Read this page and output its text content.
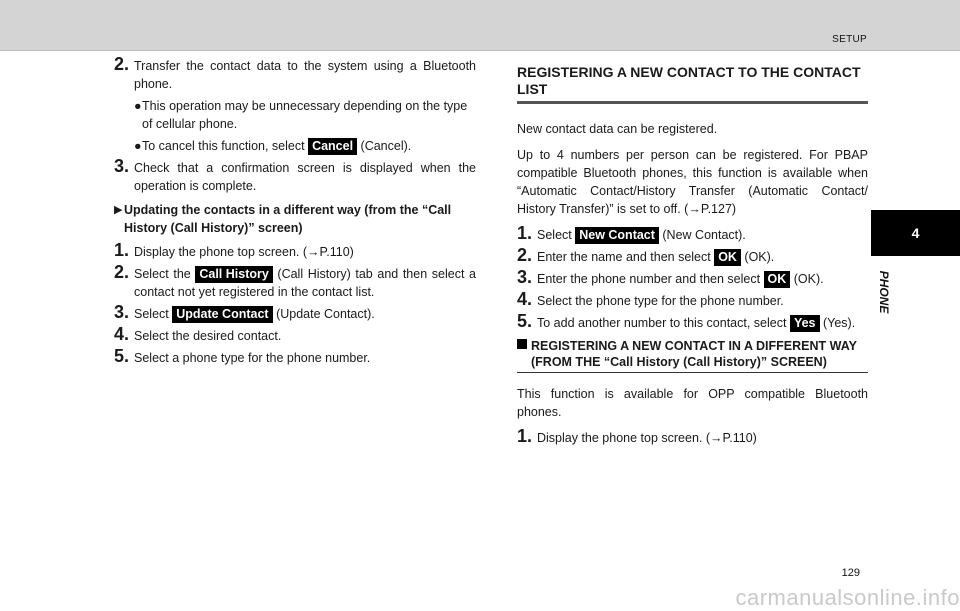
SETUP
4
PHONE

2. Transfer the contact data to the system using a Bluetooth phone.

● This operation may be unnecessary depending on the type of cellular phone.

● To cancel this function, select Cancel (Cancel).

3. Check that a confirmation screen is displayed when the operation is complete.

▶ Updating the contacts in a different way (from the “Call History (Call History)” screen)

1. Display the phone top screen. (→P.110)

2. Select the Call History (Call History) tab and then select a contact not yet registered in the contact list.

3. Select Update Contact (Update Contact).

4. Select the desired contact.

5. Select a phone type for the phone number.

REGISTERING A NEW CONTACT TO THE CONTACT LIST

New contact data can be registered.

Up to 4 numbers per person can be registered. For PBAP compatible Bluetooth phones, this function is available when “Automatic Contact/History Transfer (Automatic Contact/ History Transfer)” is set to off. (→P.127)

1. Select New Contact (New Contact).

2. Enter the name and then select OK (OK).

3. Enter the phone number and then select OK (OK).

4. Select the phone type for the phone number.

5. To add another number to this contact, select Yes (Yes).

REGISTERING A NEW CONTACT IN A DIFFERENT WAY (FROM THE “Call History (Call History)” SCREEN)

This function is available for OPP compatible Bluetooth phones.

1. Display the phone top screen. (→P.110)

129
carmanualsonline.info
